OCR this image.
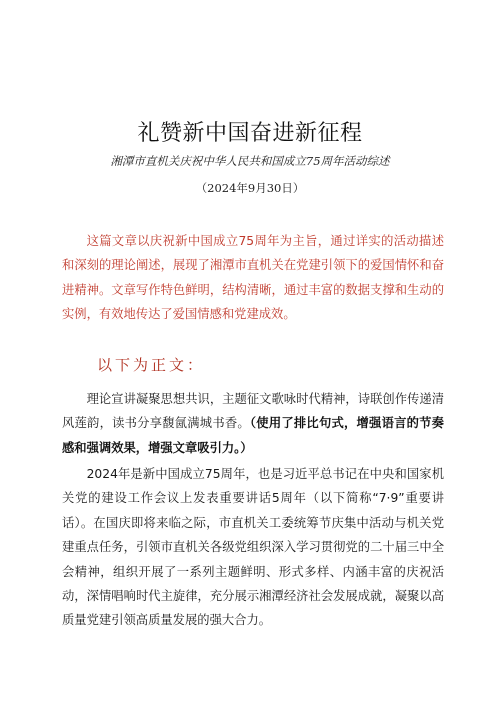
礼赞新中国奋进新征程
湘潭市直机关庆祝中华人民共和国成立75周年活动综述
（2024年9月30日）

这篇文章以庆祝新中国成立75周年为主旨，通过详实的活动描述和深刻的理论阐述，展现了湘潭市直机关在党建引领下的爱国情怀和奋进精神。文章写作特色鲜明，结构清晰，通过丰富的数据支撑和生动的实例，有效地传达了爱国情感和党建成效。

以下为正文：

理论宣讲凝聚思想共识，主题征文歌咏时代精神，诗联创作传递清风莲韵，读书分享馥氤满城书香。（使用了排比句式，增强语言的节奏感和强调效果，增强文章吸引力。）

2024年是新中国成立75周年，也是习近平总书记在中央和国家机关党的建设工作会议上发表重要讲话5周年（以下简称“7·9”重要讲话）。在国庆即将来临之际，市直机关工委统筹节庆集中活动与机关党建重点任务，引领市直机关各级党组织深入学习贯彻党的二十届三中全会精神，组织开展了一系列主题鲜明、形式多样、内涵丰富的庆祝活动，深情唱响时代主旋律，充分展示湘潭经济社会发展成就，凝聚以高质量党建引领高质量发展的强大合力。
